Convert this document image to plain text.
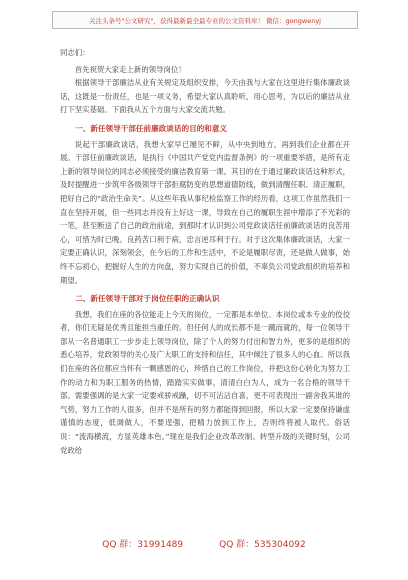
关注头条号"公文研究"，获得最新最全最专业的公文资料库！ 微信：gongwenyj

同志们：

首先祝贺大家走上新的领导岗位！

根据领导干部廉洁从业有关规定及组织安排，今天由我与大家在这里进行集体廉政谈话，这既是一份责任，也是一项义务，希望大家认真聆听，用心思考，为以后的廉洁从业打下坚实基础。下面我从五个方面与大家交流共勉。

一、新任领导干部任前廉政谈话的目的和意义

说起干部廉政谈话，我想大家早已屡见不鲜，从中央到地方，再到我们企业都在开展。干部任前廉政谈话，是执行《中国共产党党内监督条例》的一项重要举措，是所有走上新的领导岗位的同志必须接受的廉洁教育第一课。其目的在于通过廉政谈话这种形式，及时提醒进一步筑牢各级领导干部拒腐防变的思想道德防线，做到清醒任职、清正履职，把好自己的“政治生命关”。从这些年我从事纪检监察工作的经历看，这项工作虽然我们一直在坚持开展，但一些同志并没有上好这一课，导致在自己的履职生涯中增添了不光彩的一笔，甚至断送了自己的政治前途，到那时才认识到公司党政谈话任前廉政谈话的良苦用心，可惜为时已晚。良药苦口利于病，忠言逆耳利于行。对于这次集体廉政谈话，大家一定要正确认识，深刻领会，在今后的工作和生活中，不论是履职尽责，还是做人做事，始终不忘初心，把握好人生的方向盘，努力实现自己的价值，不辜负公司党政组织的培养和期望。

二、新任领导干部对于岗位任职的正确认识

我想，我们在座的各位能走上今天的岗位，一定都是本单位、本岗位或本专业的佼佼者，你们无疑是优秀且能担当重任的。但任何人的成长都不是一蹴而就的，每一位领导干部从一名普通职工一步步走上领导岗位，除了个人的努力付出和智力外，更多的是组织的悉心培养，党政领导的关心及广大职工的支持和信任，其中倾注了很多人的心血。所以我们在座的各位都应当怀有一颗感恩的心，珍惜自己的工作岗位，并把这份心转化为努力工作的动力和为职工服务的热情，踏踏实实做事，清清白白为人，成为一名合格的领导干部。需要强调的是大家一定要戒骄戒躁，切不可沾沾自喜，更不可表现出一副舍我其谁的气势，努力工作的人很多，但并不是所有的努力都能得到回报，所以大家一定要保持谦虚谨慎的态度，低调做人，不要逞强，把精力放到工作上，否则终将被人取代。俗话说：“流海横流，方显英雄本色。”现在是我们企业改革改制、转型升级的关键时刻，公司党政给

QQ 群：31991489	QQ 群：535304092
